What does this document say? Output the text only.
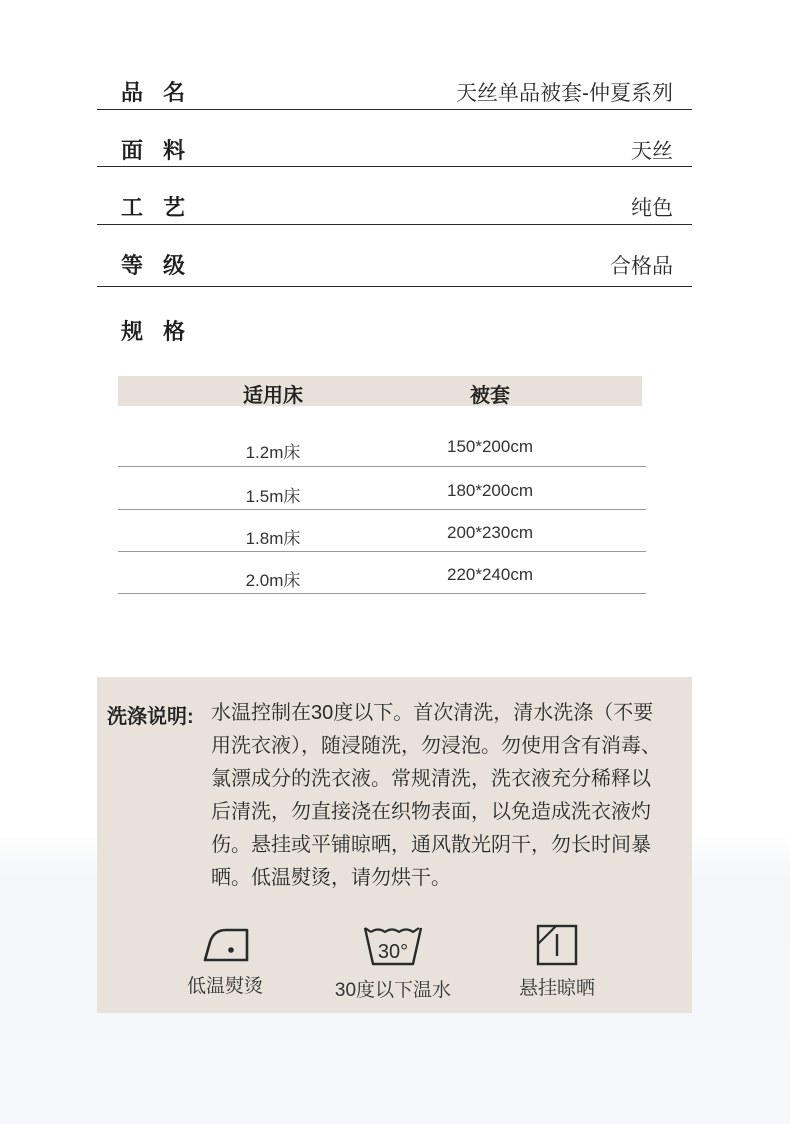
品名	天丝单品被套-仲夏系列
面料	天丝
工艺	纯色
等级	合格品
规格
适用床	被套
1.2m床	150*200cm
1.5m床	180*200cm
1.8m床	200*230cm
2.0m床	220*240cm
洗涤说明: 水温控制在30度以下。首次清洗，清水洗涤（不要用洗衣液），随浸随洗，勿浸泡。勿使用含有消毒、氯漂成分的洗衣液。常规清洗，洗衣液充分稀释以后清洗，勿直接浇在织物表面，以免造成洗衣液灼伤。悬挂或平铺晾晒，通风散光阴干，勿长时间暴晒。低温熨烫，请勿烘干。
低温熨烫
30°
30度以下温水	悬挂晾晒
